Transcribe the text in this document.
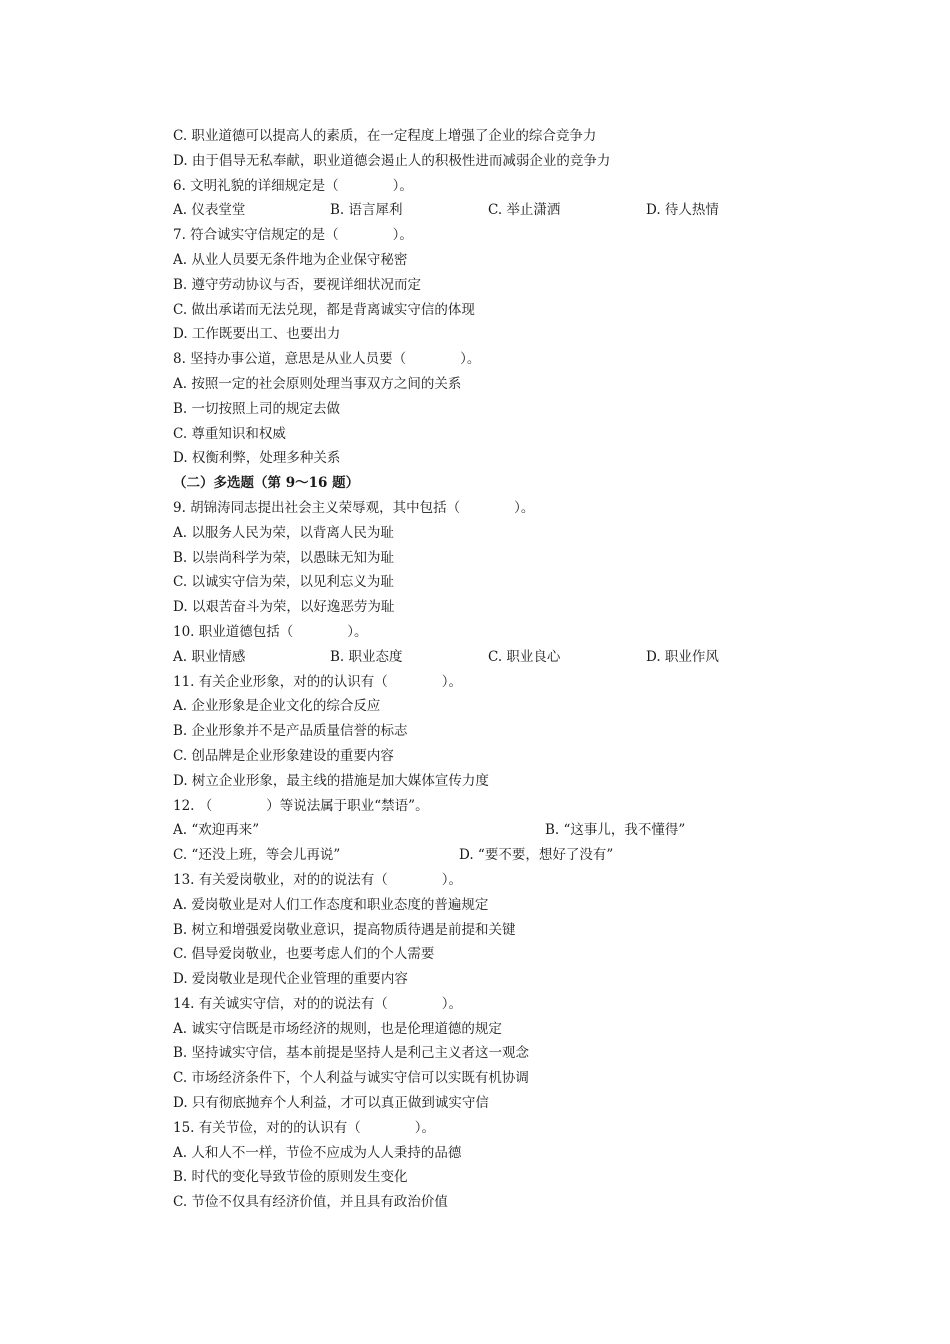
C. 职业道德可以提高人的素质，在一定程度上增强了企业的综合竞争力
D. 由于倡导无私奉献，职业道德会遏止人的积极性进而减弱企业的竞争力
6. 文明礼貌的详细规定是（　　　　）。

A. 仪表堂堂

	B. 语言犀利

	C. 举止潇洒

	D. 待人热情

7. 符合诚实守信规定的是（　　　　）。
A. 从业人员要无条件地为企业保守秘密
B. 遵守劳动协议与否，要视详细状况而定
C. 做出承诺而无法兑现，都是背离诚实守信的体现
D. 工作既要出工、也要出力
8. 坚持办事公道，意思是从业人员要（　　　　）。
A. 按照一定的社会原则处理当事双方之间的关系
B. 一切按照上司的规定去做
C. 尊重知识和权威
D. 权衡利弊，处理多种关系
（二）多选题（第 9～16 题）
9. 胡锦涛同志提出社会主义荣辱观，其中包括（　　　　）。
A. 以服务人民为荣，以背离人民为耻
B. 以崇尚科学为荣，以愚昧无知为耻
C. 以诚实守信为荣，以见利忘义为耻
D. 以艰苦奋斗为荣，以好逸恶劳为耻
10. 职业道德包括（　　　　）。

A. 职业情感

	B. 职业态度

	C. 职业良心

	D. 职业作风

11. 有关企业形象，对的的认识有（　　　　）。
A. 企业形象是企业文化的综合反应
B. 企业形象并不是产品质量信誉的标志
C. 创品牌是企业形象建设的重要内容
D. 树立企业形象，最主线的措施是加大媒体宣传力度
12. （　　　　）等说法属于职业“禁语”。

A. “欢迎再来”

	B. “这事儿，我不懂得”

C. “还没上班，等会儿再说”

	D. “要不要，想好了没有”

13. 有关爱岗敬业，对的的说法有（　　　　）。
A. 爱岗敬业是对人们工作态度和职业态度的普遍规定
B. 树立和增强爱岗敬业意识，提高物质待遇是前提和关键
C. 倡导爱岗敬业，也要考虑人们的个人需要
D. 爱岗敬业是现代企业管理的重要内容
14. 有关诚实守信，对的的说法有（　　　　）。
A. 诚实守信既是市场经济的规则，也是伦理道德的规定
B. 坚持诚实守信，基本前提是坚持人是利己主义者这一观念
C. 市场经济条件下，个人利益与诚实守信可以实既有机协调
D. 只有彻底抛弃个人利益，才可以真正做到诚实守信
15. 有关节俭，对的的认识有（　　　　）。
A. 人和人不一样，节俭不应成为人人秉持的品德
B. 时代的变化导致节俭的原则发生变化
C. 节俭不仅具有经济价值，并且具有政治价值
